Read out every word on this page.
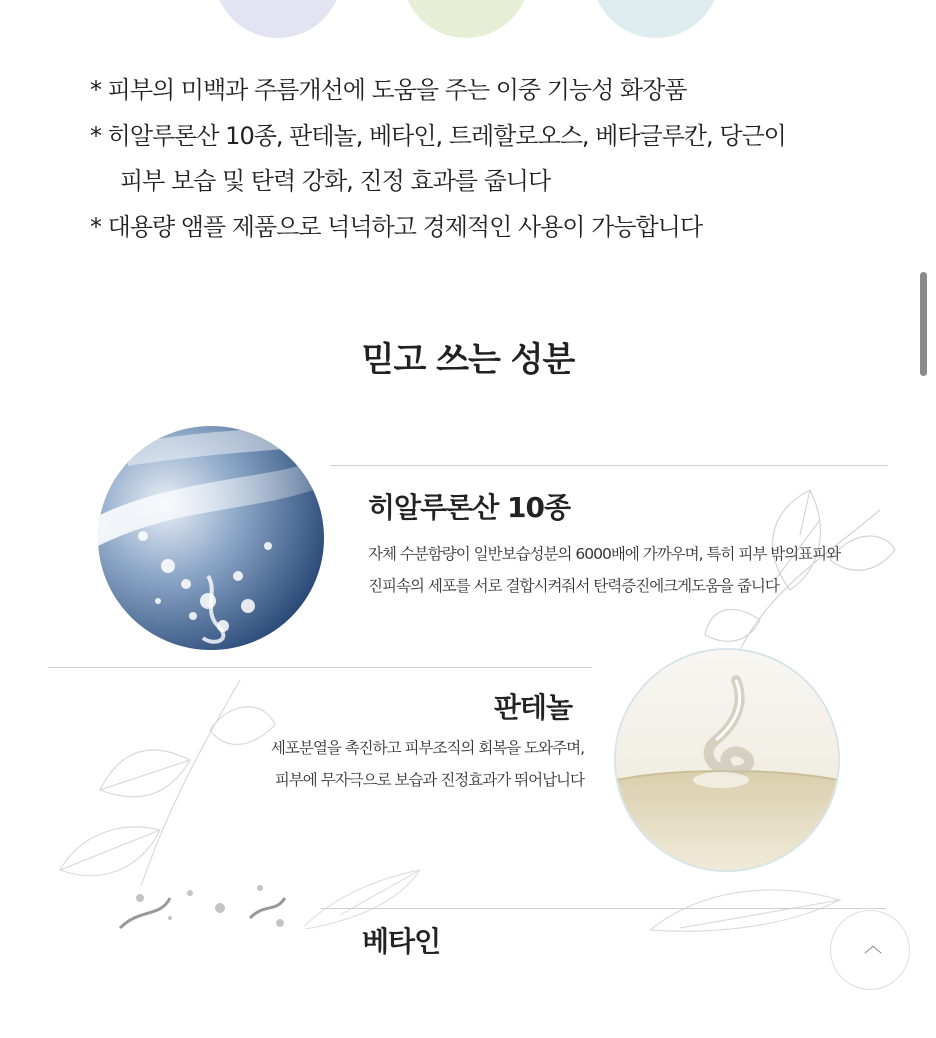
* 피부의 미백과 주름개선에 도움을 주는 이중 기능성 화장품
* 히알루론산 10종, 판테놀, 베타인, 트레할로오스, 베타글루칸, 당근이
피부 보습 및 탄력 강화, 진정 효과를 줍니다
* 대용량 앰플 제품으로 넉넉하고 경제적인 사용이 가능합니다
믿고 쓰는 성분
히알루론산 10종
자체 수분함량이 일반보습성분의 6000배에 가까우며, 특히 피부 밖의표피와
진피속의 세포를 서로 결합시켜줘서 탄력증진에크게도움을 줍니다
판테놀
세포분열을 촉진하고 피부조직의 회복을 도와주며,
피부에 무자극으로 보습과 진정효과가 뛰어납니다
베타인	︿
